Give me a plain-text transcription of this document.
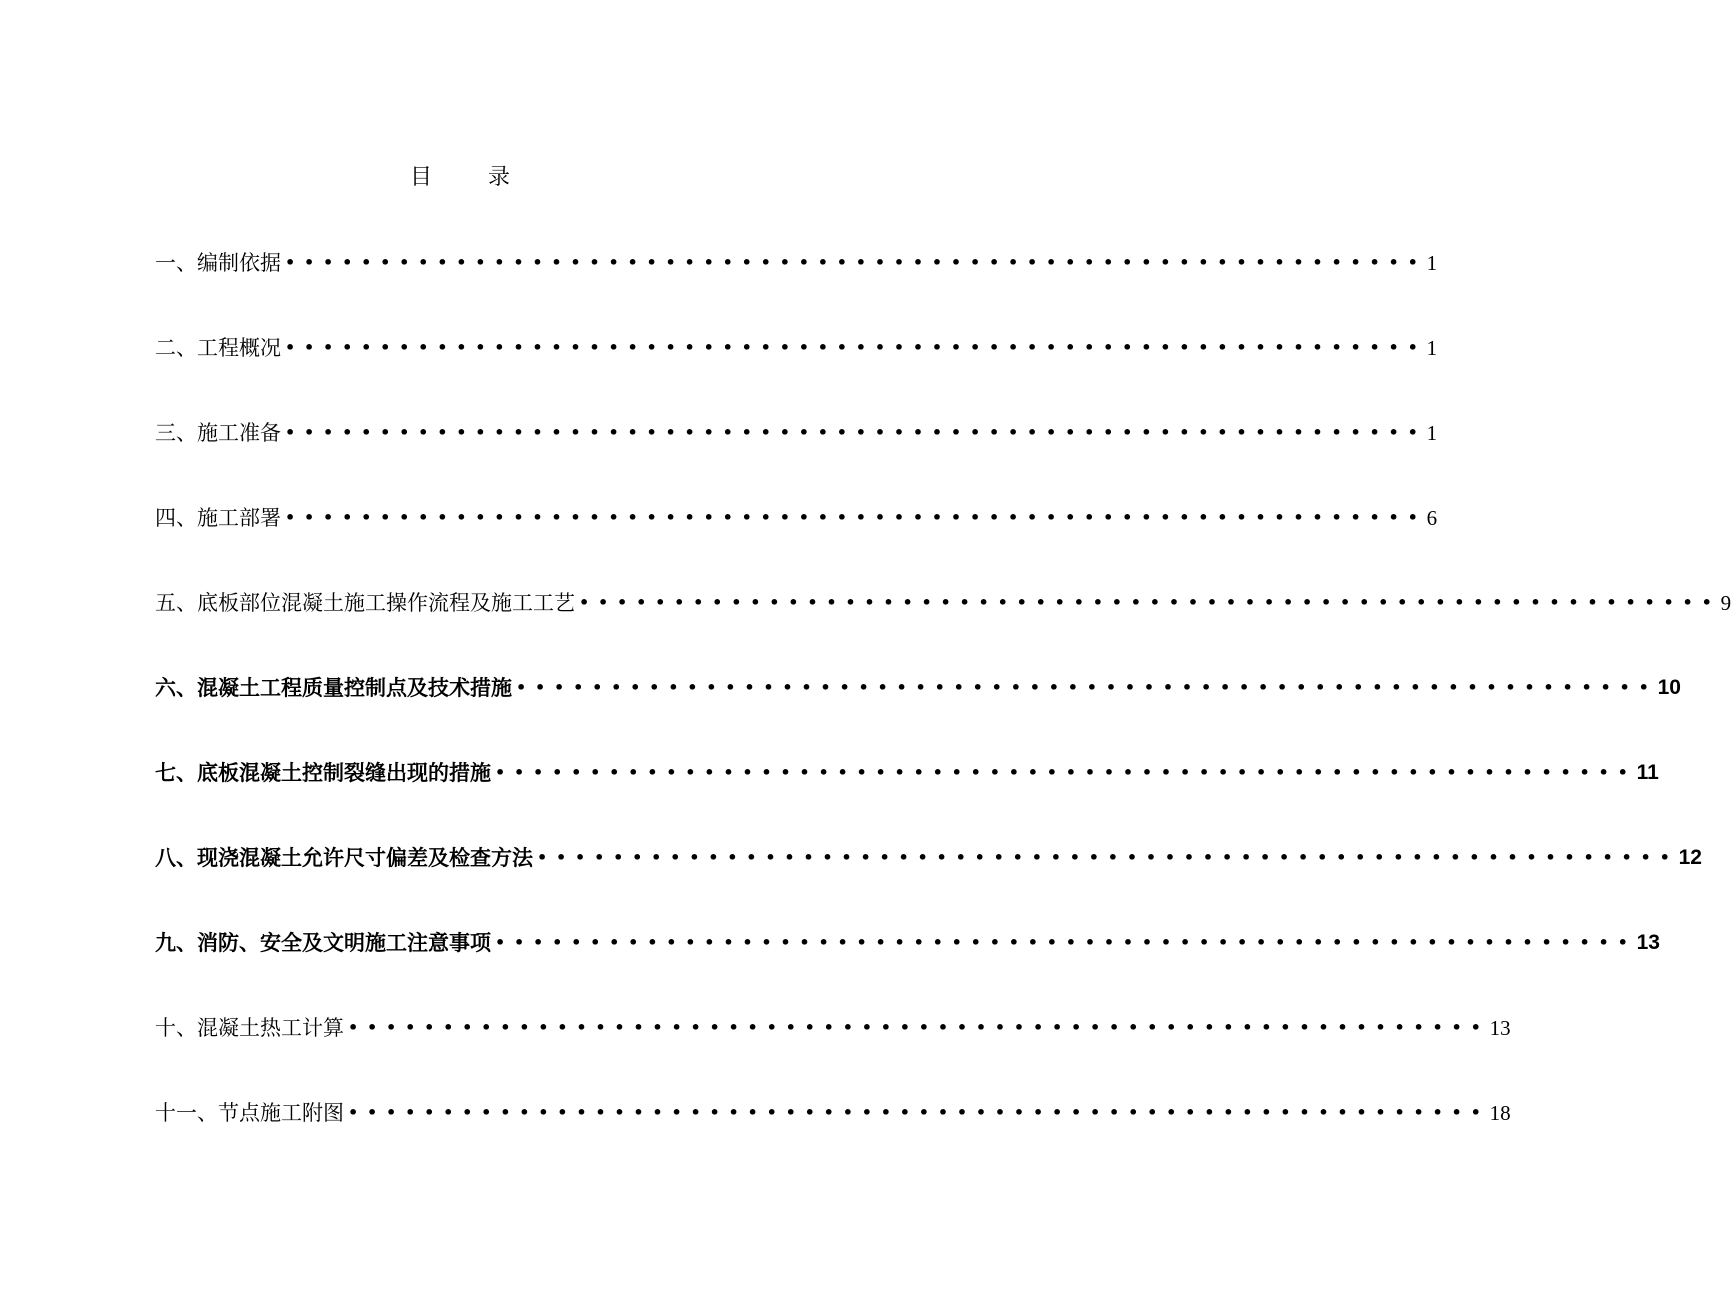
目	录
一、编制依据 •••••••••••••••••••••••••••••••••••••••••••••••••••••••••••• 1
二、工程概况 •••••••••••••••••••••••••••••••••••••••••••••••••••••••••••• 1
三、施工准备 •••••••••••••••••••••••••••••••••••••••••••••••••••••••••••• 1
四、施工部署 •••••••••••••••••••••••••••••••••••••••••••••••••••••••••••• 6
五、底板部位混凝土施工操作流程及施工工艺 •••••••••••••••••••••••••••••••••••••••••••••••••••••••••••• 9
六、混凝土工程质量控制点及技术措施 •••••••••••••••••••••••••••••••••••••••••••••••••••••••••••• 10
七、底板混凝土控制裂缝出现的措施 •••••••••••••••••••••••••••••••••••••••••••••••••••••••••••• 11
八、现浇混凝土允许尺寸偏差及检查方法 •••••••••••••••••••••••••••••••••••••••••••••••••••••••••••• 12
九、消防、安全及文明施工注意事项 •••••••••••••••••••••••••••••••••••••••••••••••••••••••••••• 13
十、混凝土热工计算 •••••••••••••••••••••••••••••••••••••••••••••••••••••••••••• 13
十一、节点施工附图 •••••••••••••••••••••••••••••••••••••••••••••••••••••••••••• 18
